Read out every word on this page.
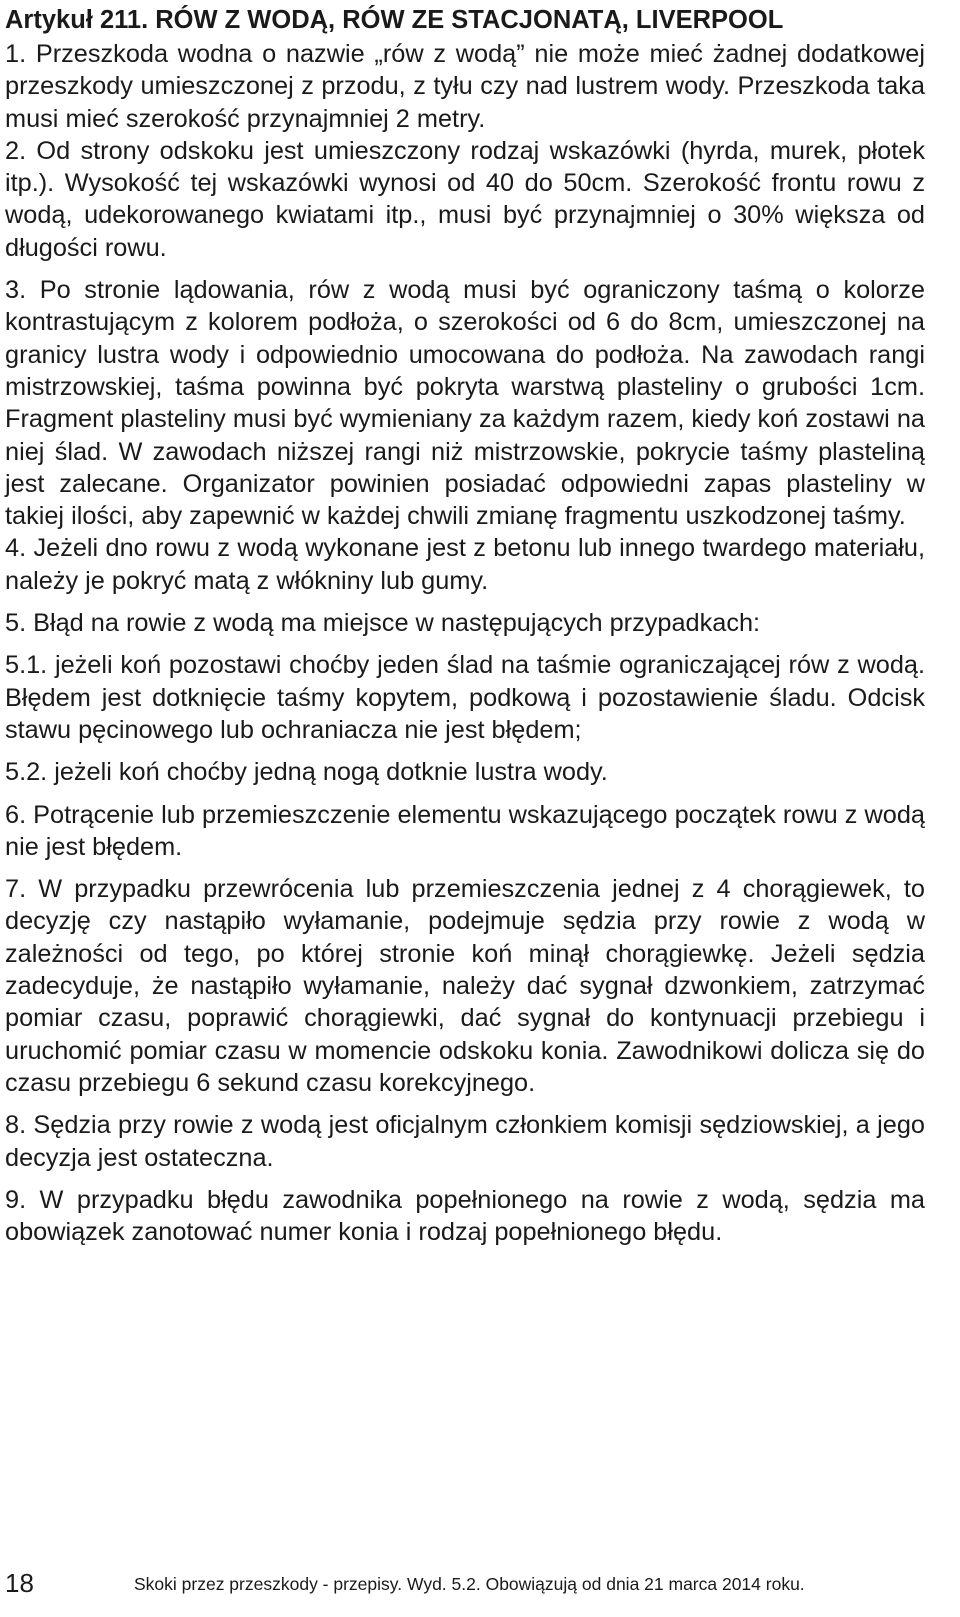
Artykuł 211. RÓW Z WODĄ, RÓW ZE STACJONATĄ, LIVERPOOL

1. Przeszkoda wodna o nazwie „rów z wodą” nie może mieć żadnej dodatkowej przeszkody umieszczonej z przodu, z tyłu czy nad lustrem wody. Przeszkoda taka musi mieć szerokość przynajmniej 2 metry.

2. Od strony odskoku jest umieszczony rodzaj wskazówki (hyrda, murek, płotek itp.). Wysokość tej wskazówki wynosi od 40 do 50cm. Szerokość frontu rowu z wodą, udekorowanego kwiatami itp., musi być przynajmniej o 30% większa od długości rowu.

3. Po stronie lądowania, rów z wodą musi być ograniczony taśmą o kolorze kontrastującym z kolorem podłoża, o szerokości od 6 do 8cm, umieszczonej na granicy lustra wody i odpowiednio umocowana do podłoża. Na zawodach rangi mistrzowskiej, taśma powinna być pokryta warstwą plasteliny o grubości 1cm. Fragment plasteliny musi być wymieniany za każdym razem, kiedy koń zostawi na niej ślad. W zawodach niższej rangi niż mistrzowskie, pokrycie taśmy plasteliną jest zalecane. Organizator powinien posiadać odpowiedni zapas plasteliny w takiej ilości, aby zapewnić w każdej chwili zmianę fragmentu uszkodzonej taśmy.

4. Jeżeli dno rowu z wodą wykonane jest z betonu lub innego twardego materiału, należy je pokryć matą z włókniny lub gumy.

5. Błąd na rowie z wodą ma miejsce w następujących przypadkach:

5.1. jeżeli koń pozostawi choćby jeden ślad na taśmie ograniczającej rów z wodą. Błędem jest dotknięcie taśmy kopytem, podkową i pozostawienie śladu. Odcisk stawu pęcinowego lub ochraniacza nie jest błędem;

5.2. jeżeli koń choćby jedną nogą dotknie lustra wody.

6. Potrącenie lub przemieszczenie elementu wskazującego początek rowu z wodą nie jest błędem.

7. W przypadku przewrócenia lub przemieszczenia jednej z 4 chorągiewek, to decyzję czy nastąpiło wyłamanie, podejmuje sędzia przy rowie z wodą w zależności od tego, po której stronie koń minął chorągiewkę. Jeżeli sędzia zadecyduje, że nastąpiło wyłamanie, należy dać sygnał dzwonkiem, zatrzymać pomiar czasu, poprawić chorągiewki, dać sygnał do kontynuacji przebiegu i uruchomić pomiar czasu w momencie odskoku konia. Zawodnikowi dolicza się do czasu przebiegu 6 sekund czasu korekcyjnego.

8. Sędzia przy rowie z wodą jest oficjalnym członkiem komisji sędziowskiej, a jego decyzja jest ostateczna.

9. W przypadku błędu zawodnika popełnionego na rowie z wodą, sędzia ma obowiązek zanotować numer konia i rodzaj popełnionego błędu.

18	Skoki przez przeszkody - przepisy. Wyd. 5.2. Obowiązują od dnia 21 marca 2014 roku.
